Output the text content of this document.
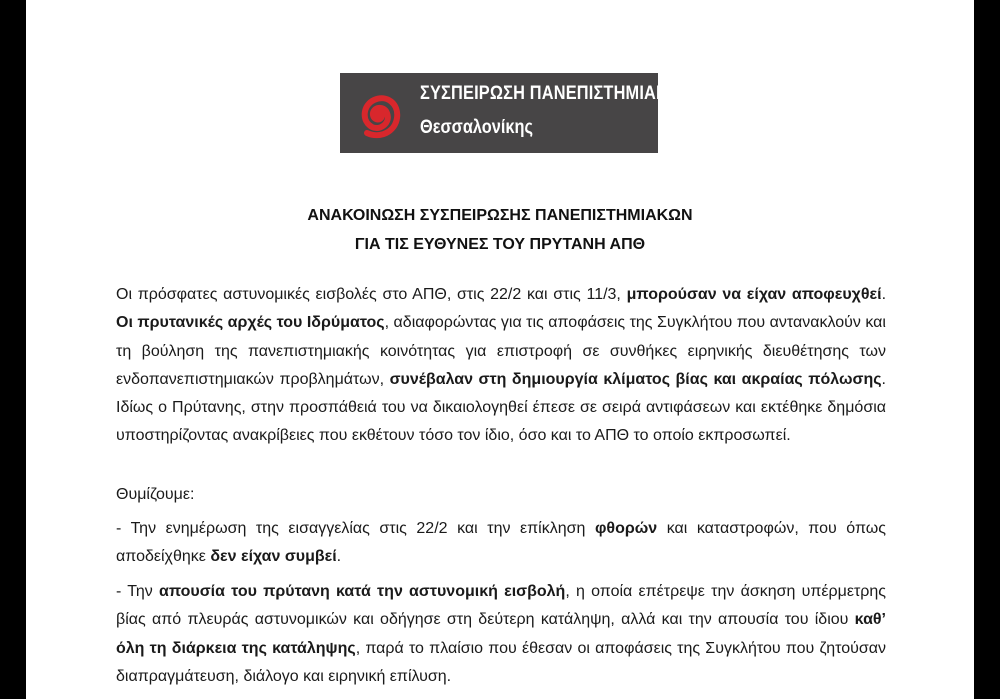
ΣΥΣΠΕΙΡΩΣΗ ΠΑΝΕΠΙΣΤΗΜΙΑΚΩΝ
Θεσσαλονίκης
ΑΝΑΚΟΙΝΩΣΗ ΣΥΣΠΕΙΡΩΣΗΣ ΠΑΝΕΠΙΣΤΗΜΙΑΚΩΝ
ΓΙΑ ΤΙΣ ΕΥΘΥΝΕΣ ΤΟΥ ΠΡΥΤΑΝΗ ΑΠΘ
Οι πρόσφατες αστυνομικές εισβολές στο ΑΠΘ, στις 22/2 και στις 11/3, μπορούσαν να είχαν αποφευχθεί. Οι πρυτανικές αρχές του Ιδρύματος, αδιαφορώντας για τις αποφάσεις της Συγκλήτου που αντανακλούν και τη βούληση της πανεπιστημιακής κοινότητας για επιστροφή σε συνθήκες ειρηνικής διευθέτησης των ενδοπανεπιστημιακών προβλημάτων, συνέβαλαν στη δημιουργία κλίματος βίας και ακραίας πόλωσης. Ιδίως ο Πρύτανης, στην προσπάθειά του να δικαιολογηθεί έπεσε σε σειρά αντιφάσεων και εκτέθηκε δημόσια υποστηρίζοντας ανακρίβειες που εκθέτουν τόσο τον ίδιο, όσο και το ΑΠΘ το οποίο εκπροσωπεί.
Θυμίζουμε:
- Την ενημέρωση της εισαγγελίας στις 22/2 και την επίκληση φθορών και καταστροφών, που όπως αποδείχθηκε δεν είχαν συμβεί.
- Την απουσία του πρύτανη κατά την αστυνομική εισβολή, η οποία επέτρεψε την άσκηση υπέρμετρης βίας από πλευράς αστυνομικών και οδήγησε στη δεύτερη κατάληψη, αλλά και την απουσία του ίδιου καθ’ όλη τη διάρκεια της κατάληψης, παρά το πλαίσιο που έθεσαν οι αποφάσεις της Συγκλήτου που ζητούσαν διαπραγμάτευση, διάλογο και ειρηνική επίλυση.
